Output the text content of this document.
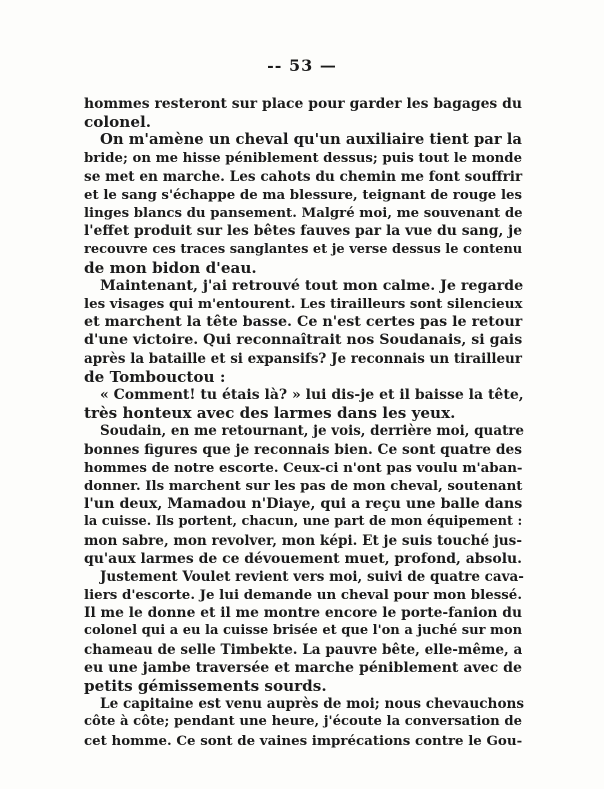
-- 53 —
hommes resteront sur place pour garder les bagages du
colonel.
On m'amène un cheval qu'un auxiliaire tient par la
bride; on me hisse péniblement dessus; puis tout le monde
se met en marche. Les cahots du chemin me font souffrir
et le sang s'échappe de ma blessure, teignant de rouge les
linges blancs du pansement. Malgré moi, me souvenant de
l'effet produit sur les bêtes fauves par la vue du sang, je
recouvre ces traces sanglantes et je verse dessus le contenu
de mon bidon d'eau.
Maintenant, j'ai retrouvé tout mon calme. Je regarde
les visages qui m'entourent. Les tirailleurs sont silencieux
et marchent la tête basse. Ce n'est certes pas le retour
d'une victoire. Qui reconnaîtrait nos Soudanais, si gais
après la bataille et si expansifs? Je reconnais un tirailleur
de Tombouctou :
« Comment! tu étais là? » lui dis-je et il baisse la tête,
très honteux avec des larmes dans les yeux.
Soudain, en me retournant, je vois, derrière moi, quatre
bonnes figures que je reconnais bien. Ce sont quatre des
hommes de notre escorte. Ceux-ci n'ont pas voulu m'aban-
donner. Ils marchent sur les pas de mon cheval, soutenant
l'un deux, Mamadou n'Diaye, qui a reçu une balle dans
la cuisse. Ils portent, chacun, une part de mon équipement :
mon sabre, mon revolver, mon képi. Et je suis touché jus-
qu'aux larmes de ce dévouement muet, profond, absolu.
Justement Voulet revient vers moi, suivi de quatre cava-
liers d'escorte. Je lui demande un cheval pour mon blessé.
Il me le donne et il me montre encore le porte-fanion du
colonel qui a eu la cuisse brisée et que l'on a juché sur mon
chameau de selle Timbekte. La pauvre bête, elle-même, a
eu une jambe traversée et marche péniblement avec de
petits gémissements sourds.
Le capitaine est venu auprès de moi; nous chevauchons
côte à côte; pendant une heure, j'écoute la conversation de
cet homme. Ce sont de vaines imprécations contre le Gou-
